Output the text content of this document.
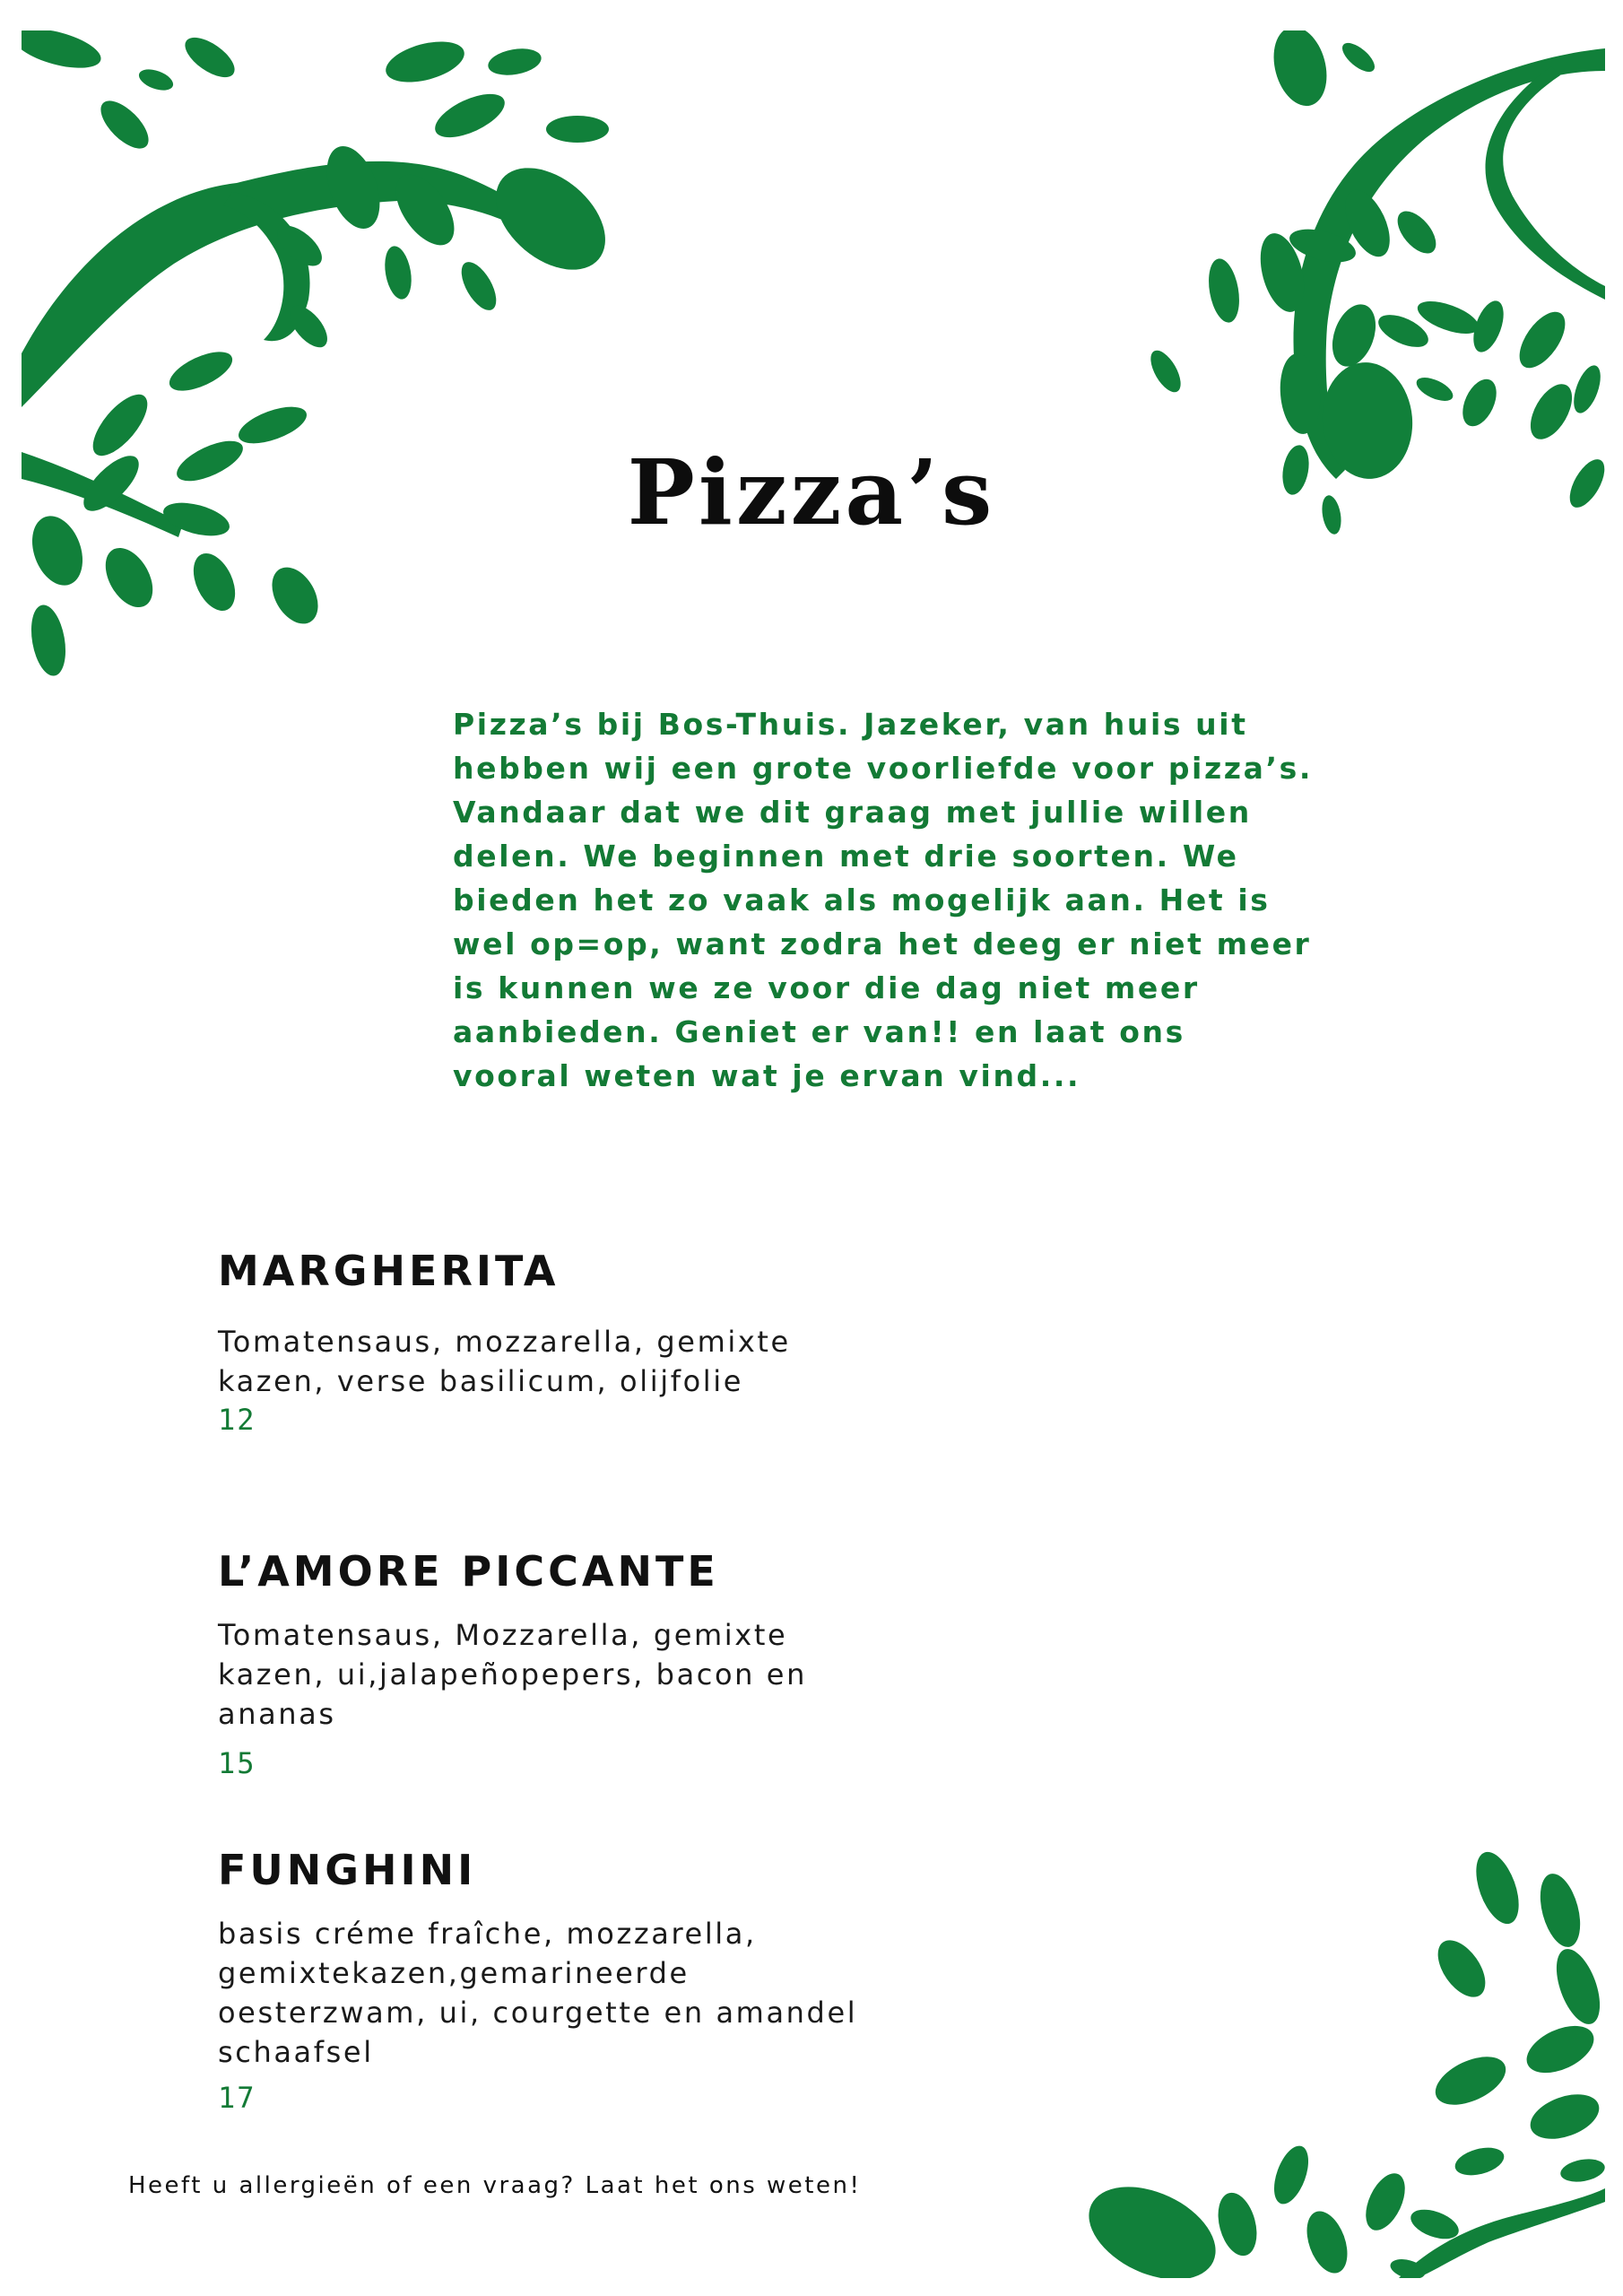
Pizza’s
Pizza’s bij Bos-Thuis. Jazeker, van huis uit hebben wij een grote voorliefde voor pizza’s. Vandaar dat we dit graag met jullie willen delen. We beginnen met drie soorten. We bieden het zo vaak als mogelijk aan. Het is wel op=op, want zodra het deeg er niet meer is kunnen we ze voor die dag niet meer aanbieden. Geniet er van!! en laat ons vooral weten wat je ervan vind...
MARGHERITA
Tomatensaus, mozzarella, gemixte kazen, verse basilicum, olijfolie
12
L’AMORE PICCANTE
Tomatensaus, Mozzarella, gemixte kazen, ui,jalapeñopepers, bacon en ananas
15
FUNGHINI
basis créme fraîche, mozzarella, gemixtekazen,gemarineerde oesterzwam, ui, courgette en amandel schaafsel
17
Heeft u allergieën of een vraag? Laat het ons weten!
